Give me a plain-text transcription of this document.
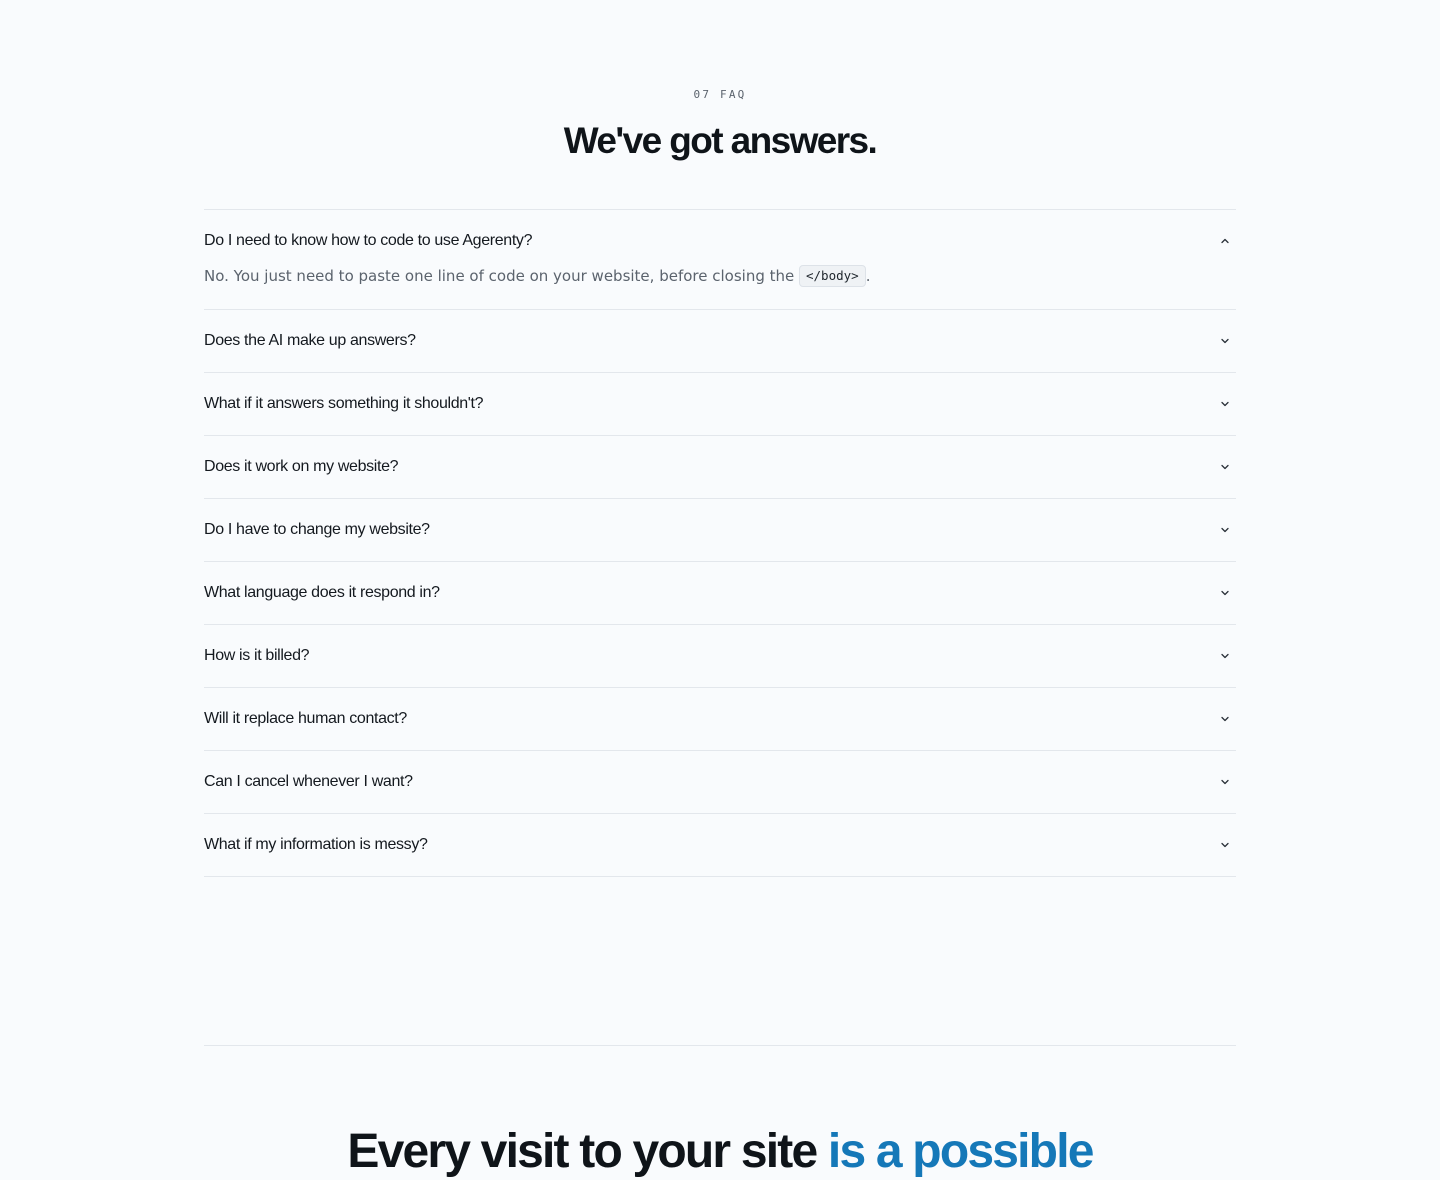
07 FAQ
We've got answers.
Do I need to know how to code to use Agerenty?
No. You just need to paste one line of code on your website, before closing the </body> .
Does the AI make up answers?
What if it answers something it shouldn't?
Does it work on my website?
Do I have to change my website?
What language does it respond in?
How is it billed?
Will it replace human contact?
Can I cancel whenever I want?
What if my information is messy?
Every visit to your site is a possible
